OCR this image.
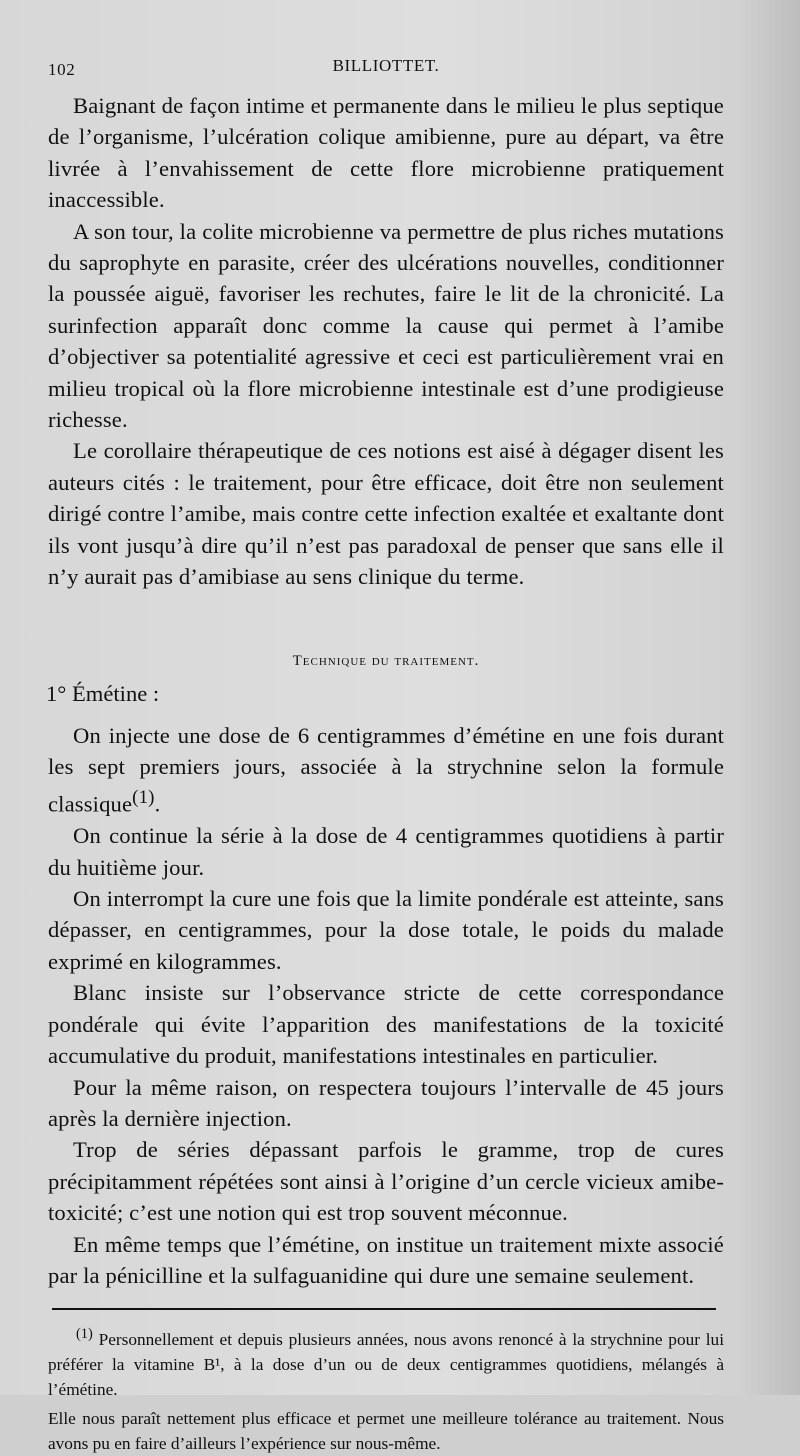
102	BILLIOTTET.

Baignant de façon intime et permanente dans le milieu le plus septique de l’organisme, l’ulcération colique amibienne, pure au départ, va être livrée à l’envahissement de cette flore microbienne pratiquement inaccessible.

A son tour, la colite microbienne va permettre de plus riches mutations du saprophyte en parasite, créer des ulcérations nouvelles, conditionner la poussée aiguë, favoriser les rechutes, faire le lit de la chronicité. La surinfection apparaît donc comme la cause qui permet à l’amibe d’objectiver sa potentialité agressive et ceci est particulièrement vrai en milieu tropical où la flore microbienne intestinale est d’une prodigieuse richesse.

Le corollaire thérapeutique de ces notions est aisé à dégager disent les auteurs cités : le traitement, pour être efficace, doit être non seulement dirigé contre l’amibe, mais contre cette infection exaltée et exaltante dont ils vont jusqu’à dire qu’il n’est pas paradoxal de penser que sans elle il n’y aurait pas d’amibiase au sens clinique du terme.

Technique du traitement.
1° Émétine :

On injecte une dose de 6 centigrammes d’émétine en une fois durant les sept premiers jours, associée à la strychnine selon la formule classique$^{(1)}$.

On continue la série à la dose de 4 centigrammes quotidiens à partir du huitième jour.

On interrompt la cure une fois que la limite pondérale est atteinte, sans dépasser, en centigrammes, pour la dose totale, le poids du malade exprimé en kilogrammes.

Blanc insiste sur l’observance stricte de cette correspondance pondérale qui évite l’apparition des manifestations de la toxicité accumulative du produit, manifestations intestinales en particulier.

Pour la même raison, on respectera toujours l’intervalle de 45 jours après la dernière injection.

Trop de séries dépassant parfois le gramme, trop de cures précipitamment répétées sont ainsi à l’origine d’un cercle vicieux amibe-toxicité; c’est une notion qui est trop souvent méconnue.

En même temps que l’émétine, on institue un traitement mixte associé par la pénicilline et la sulfaguanidine qui dure une semaine seulement.

$^{(1)}$ Personnellement et depuis plusieurs années, nous avons renoncé à la strychnine pour lui préférer la vitamine B¹, à la dose d’un ou de deux centigrammes quotidiens, mélangés à l’émétine.

Elle nous paraît nettement plus efficace et permet une meilleure tolérance au traitement. Nous avons pu en faire d’ailleurs l’expérience sur nous-même.
